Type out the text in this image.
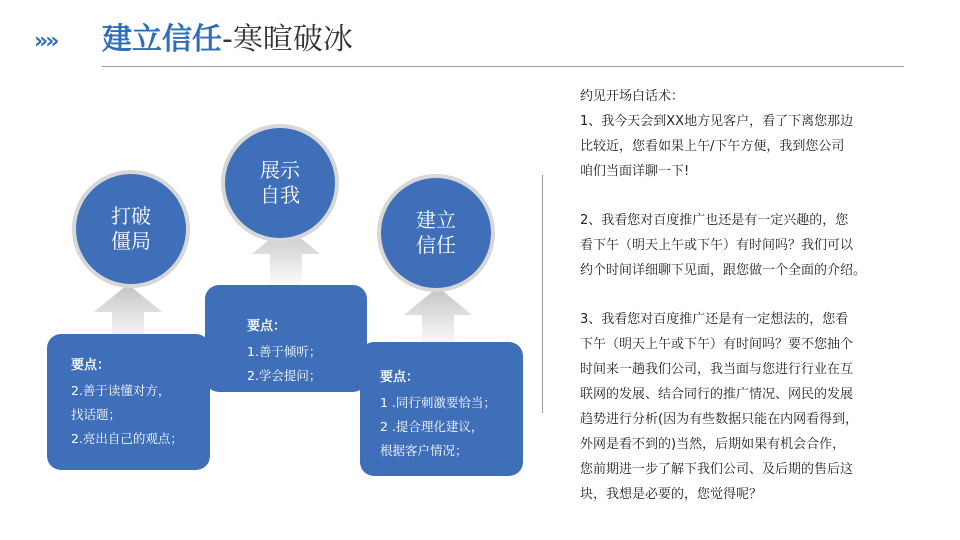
»» 建立信任-寒暄破冰
打破
僵局
展示
自我
建立
信任
要点：
2.善于读懂对方，
找话题；
2.亮出自己的观点；
要点：
1.善于倾听；
2.学会提问；	要点：
1 .同行刺激要恰当；
2 .提合理化建议，
根据客户情况；

约见开场白话术：

1、我今天会到XX地方见客户，看了下离您那边

比较近，您看如果上午/下午方便，我到您公司

咱们当面详聊一下!

2、我看您对百度推广也还是有一定兴趣的，您

看下午（明天上午或下午）有时间吗？我们可以

约个时间详细聊下见面，跟您做一个全面的介绍。

3、我看您对百度推广还是有一定想法的，您看

下午（明天上午或下午）有时间吗？要不您抽个

时间来一趟我们公司，我当面与您进行行业在互

联网的发展、结合同行的推广情况、网民的发展

趋势进行分析(因为有些数据只能在内网看得到，

外网是看不到的)当然，后期如果有机会合作，

您前期进一步了解下我们公司、及后期的售后这

块，我想是必要的，您觉得呢？
